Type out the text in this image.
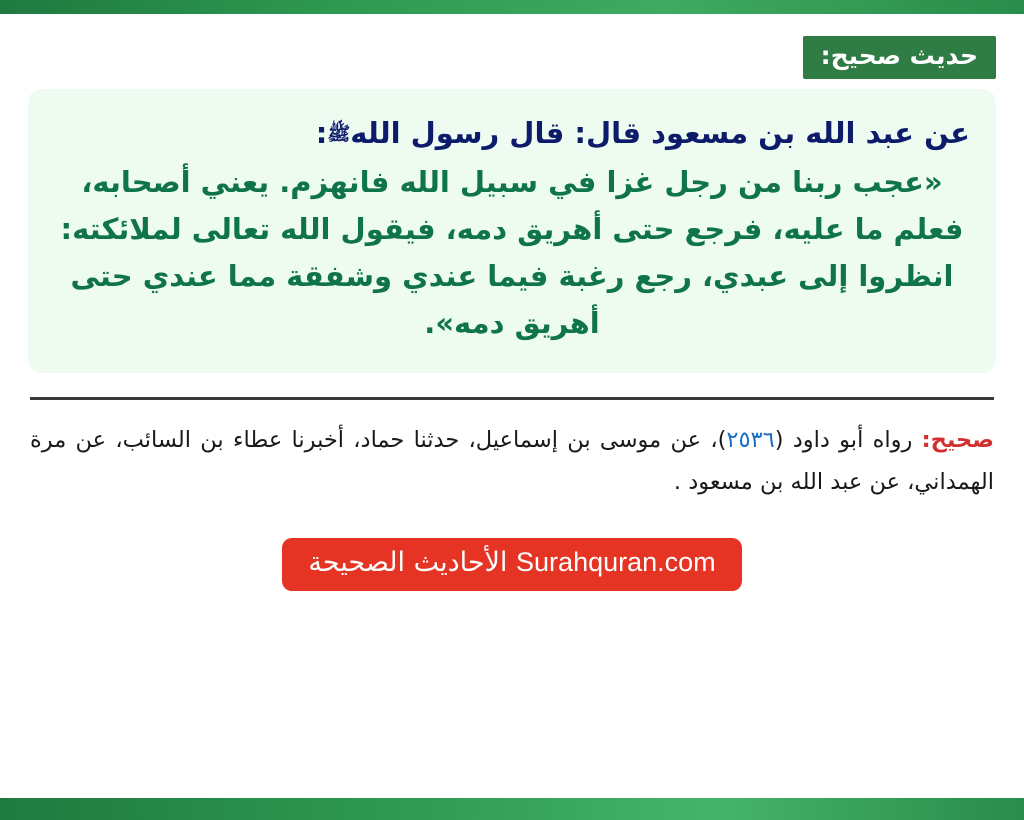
حديث صحيح:

عن عبد الله بن مسعود قال: قال رسول اللهﷺ:

«عجب ربنا من رجل غزا في سبيل الله فانهزم. يعني أصحابه، فعلم ما عليه، فرجع حتى أهريق دمه، فيقول الله تعالى لملائكته: انظروا إلى عبدي، رجع رغبة فيما عندي وشفقة مما عندي حتى أهريق دمه».

صحيح: رواه أبو داود (٢٥٣٦)، عن موسى بن إسماعيل، حدثنا حماد، أخبرنا عطاء بن السائب، عن مرة الهمداني، عن عبد الله بن مسعود .
Surahquran.com الأحاديث الصحيحة
